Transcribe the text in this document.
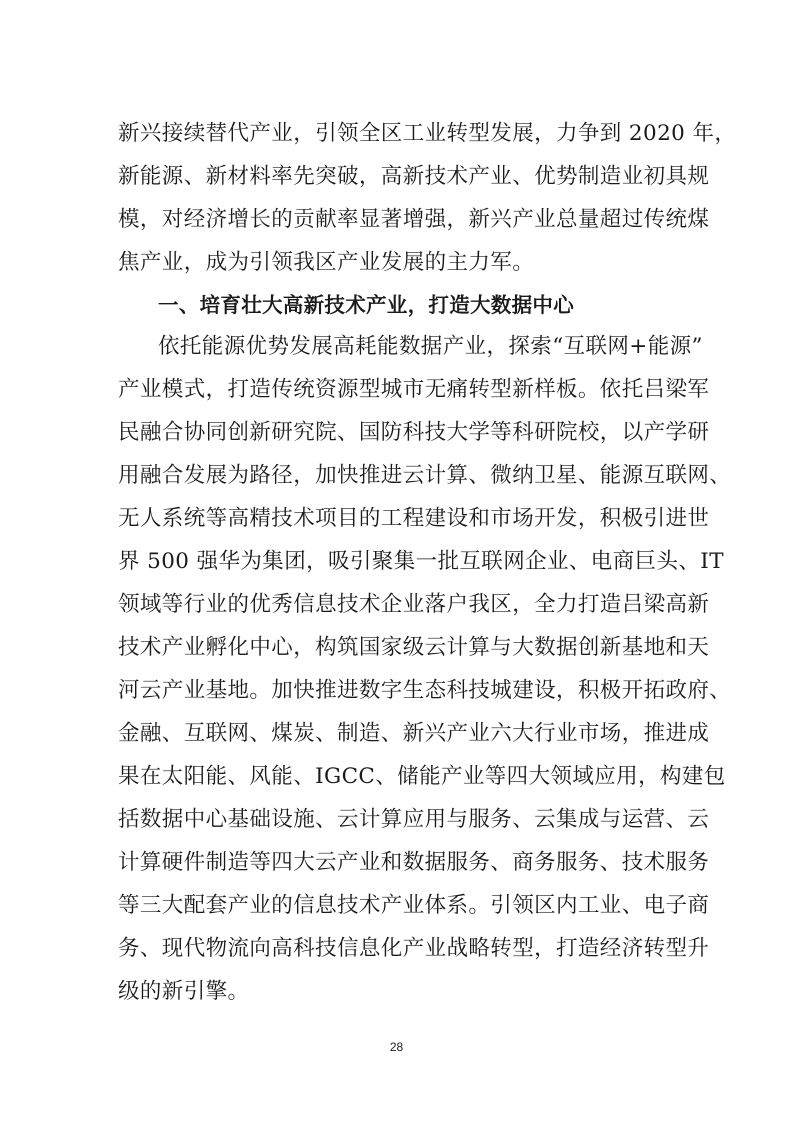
新兴接续替代产业，引领全区工业转型发展，力争到 2020 年，
新能源、新材料率先突破，高新技术产业、优势制造业初具规
模，对经济增长的贡献率显著增强，新兴产业总量超过传统煤
焦产业，成为引领我区产业发展的主力军。
一、培育壮大高新技术产业，打造大数据中心
依托能源优势发展高耗能数据产业，探索“互联网+能源”
产业模式，打造传统资源型城市无痛转型新样板。依托吕梁军
民融合协同创新研究院、国防科技大学等科研院校，以产学研
用融合发展为路径，加快推进云计算、微纳卫星、能源互联网、
无人系统等高精技术项目的工程建设和市场开发，积极引进世
界 500 强华为集团，吸引聚集一批互联网企业、电商巨头、IT
领域等行业的优秀信息技术企业落户我区，全力打造吕梁高新
技术产业孵化中心，构筑国家级云计算与大数据创新基地和天
河云产业基地。加快推进数字生态科技城建设，积极开拓政府、
金融、互联网、煤炭、制造、新兴产业六大行业市场，推进成
果在太阳能、风能、IGCC、储能产业等四大领域应用，构建包
括数据中心基础设施、云计算应用与服务、云集成与运营、云
计算硬件制造等四大云产业和数据服务、商务服务、技术服务
等三大配套产业的信息技术产业体系。引领区内工业、电子商
务、现代物流向高科技信息化产业战略转型，打造经济转型升
级的新引擎。
28
